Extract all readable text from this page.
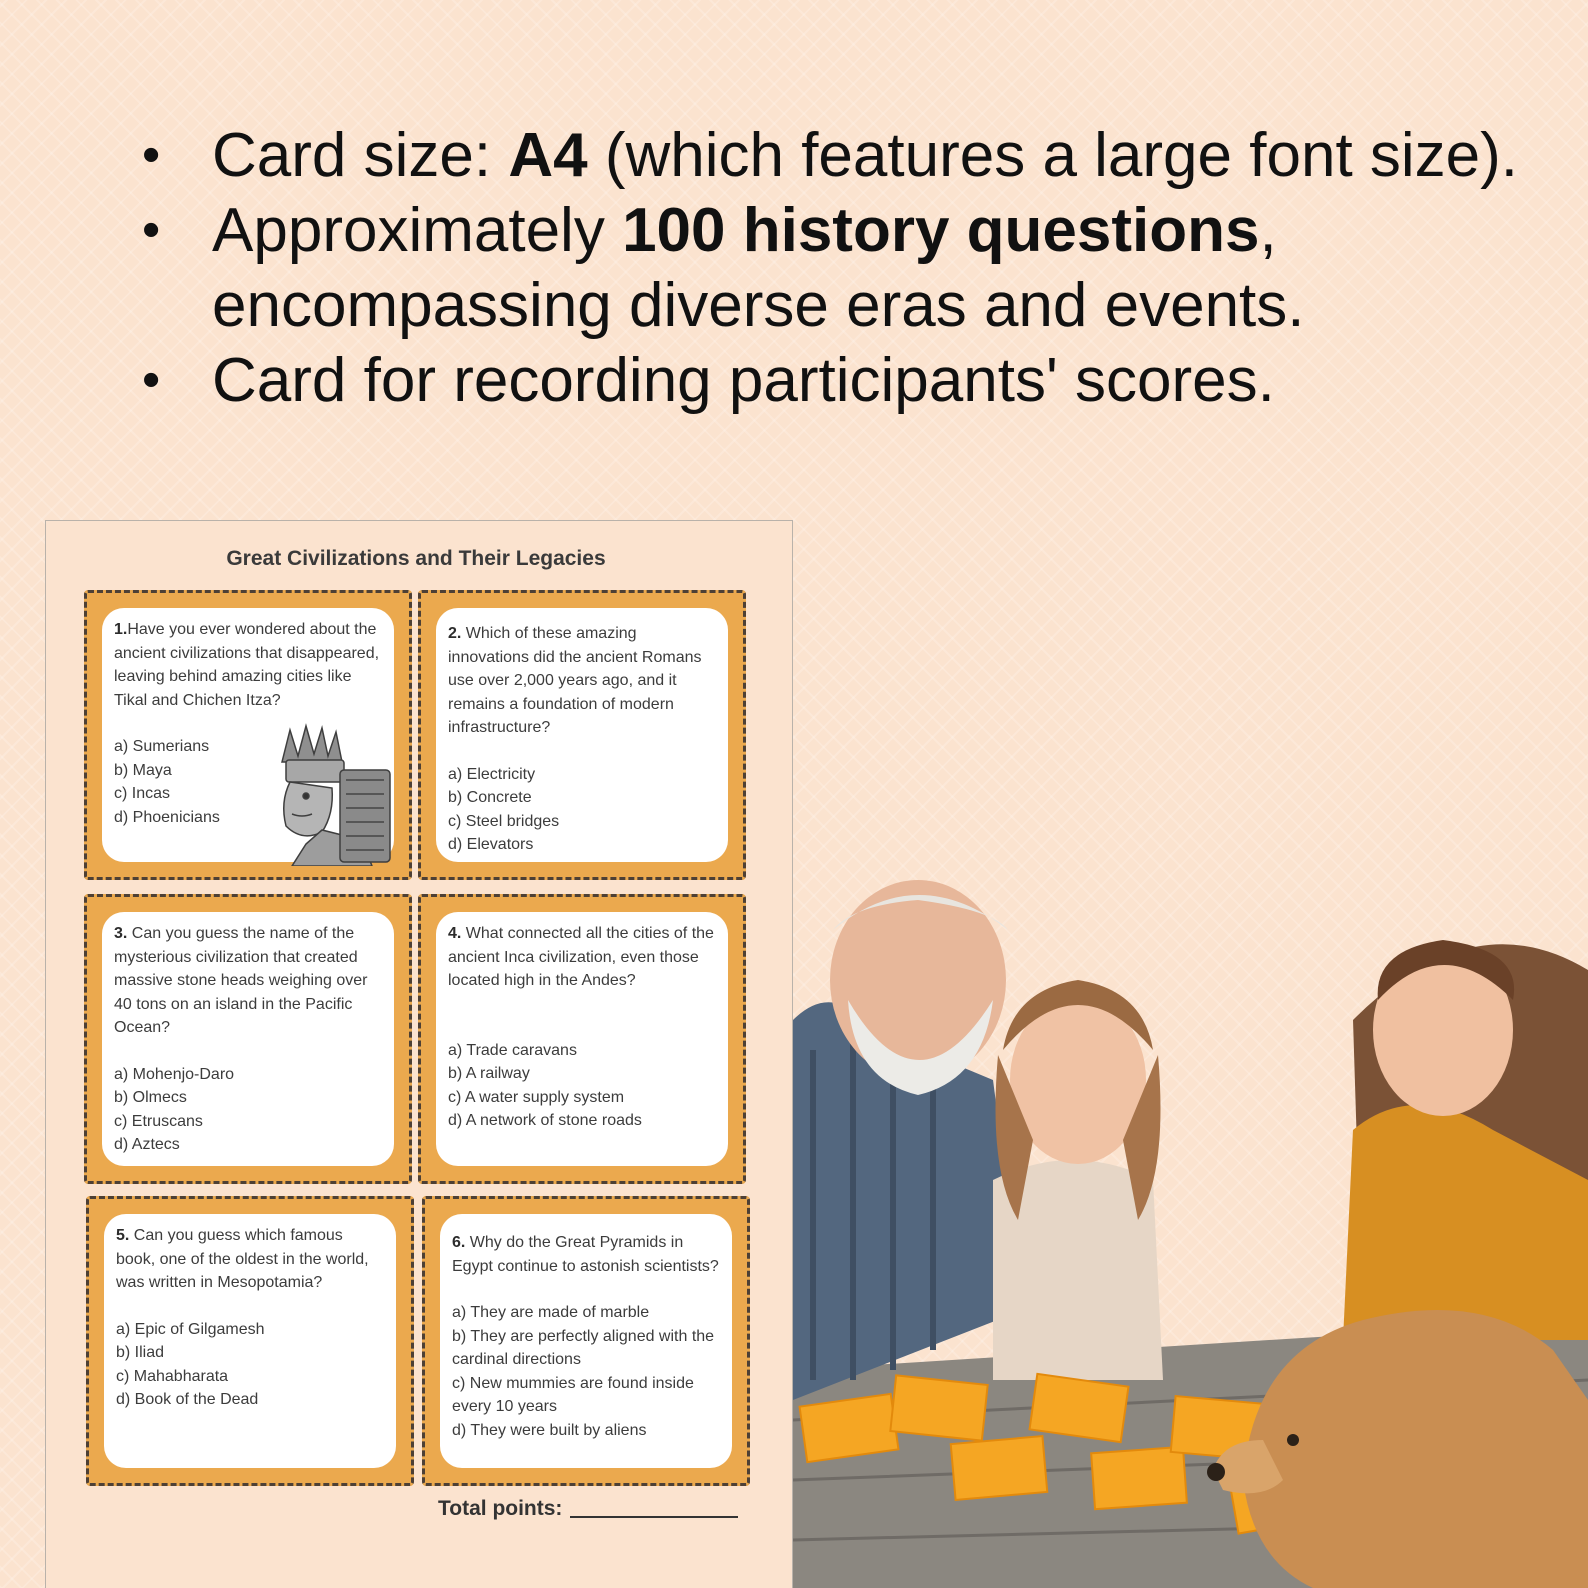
• Card size: A4 (which features a large font size).
• Approximately 100 history questions, encompassing diverse eras and events.
• Card for recording participants' scores.
Great Civilizations and Their Legacies

1.Have you ever wondered about the ancient civilizations that disappeared, leaving behind amazing cities like Tikal and Chichen Itza?

a) Sumerians

b) Maya

c) Incas

d) Phoenicians

2. Which of these amazing innovations did the ancient Romans use over 2,000 years ago, and it remains a foundation of modern infrastructure?

a) Electricity

b) Concrete

c) Steel bridges

d) Elevators

3. Can you guess the name of the mysterious civilization that created massive stone heads weighing over 40 tons on an island in the Pacific Ocean?

a) Mohenjo-Daro

b) Olmecs

c) Etruscans

d) Aztecs

4. What connected all the cities of the ancient Inca civilization, even those located high in the Andes?

a) Trade caravans

b) A railway

c) A water supply system

d) A network of stone roads

5. Can you guess which famous book, one of the oldest in the world, was written in Mesopotamia?

a) Epic of Gilgamesh

b) Iliad

c) Mahabharata

d) Book of the Dead

6. Why do the Great Pyramids in Egypt continue to astonish scientists?

a) They are made of marble

b) They are perfectly aligned with the cardinal directions

c) New mummies are found inside every 10 years

d) They were built by aliens

Total points:
